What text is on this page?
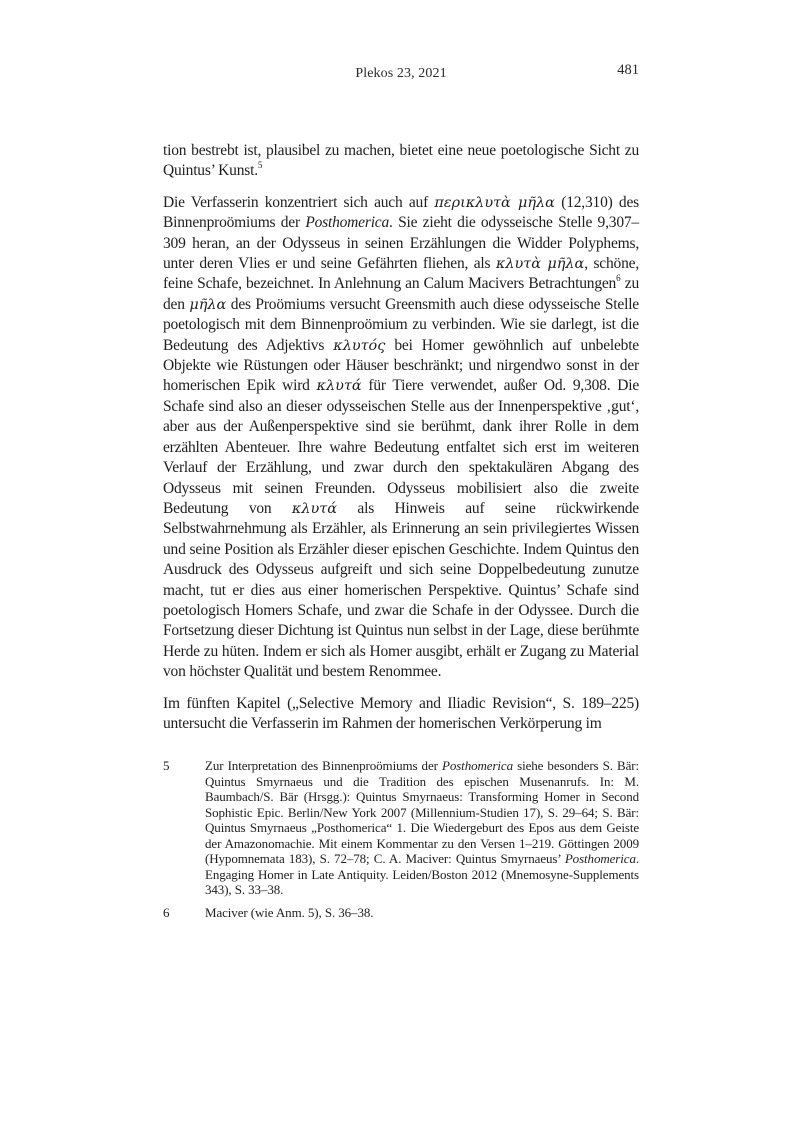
Plekos 23, 2021	481

tion bestrebt ist, plausibel zu machen, bietet eine neue poetologische Sicht zu Quintus’ Kunst.$^5$

Die Verfasserin konzentriert sich auch auf περικλυτὰ μῆλα (12,310) des Binnenproömiums der Posthomerica. Sie zieht die odysseische Stelle 9,307–309 heran, an der Odysseus in seinen Erzählungen die Widder Polyphems, unter deren Vlies er und seine Gefährten fliehen, als κλυτὰ μῆλα, schöne, feine Schafe, bezeichnet. In Anlehnung an Calum Macivers Betrachtungen$^6$ zu den μῆλα des Proömiums versucht Greensmith auch diese odysseische Stelle poetologisch mit dem Binnenproömium zu verbinden. Wie sie darlegt, ist die Bedeutung des Adjektivs κλυτός bei Homer gewöhnlich auf unbelebte Objekte wie Rüstungen oder Häuser beschränkt; und nirgendwo sonst in der homerischen Epik wird κλυτά für Tiere verwendet, außer Od. 9,308. Die Schafe sind also an dieser odysseischen Stelle aus der Innenperspektive ‚gut‘, aber aus der Außenperspektive sind sie berühmt, dank ihrer Rolle in dem erzählten Abenteuer. Ihre wahre Bedeutung entfaltet sich erst im weiteren Verlauf der Erzählung, und zwar durch den spektakulären Abgang des Odysseus mit seinen Freunden. Odysseus mobilisiert also die zweite Bedeutung von κλυτά als Hinweis auf seine rückwirkende Selbstwahrnehmung als Erzähler, als Erinnerung an sein privilegiertes Wissen und seine Position als Erzähler dieser epischen Geschichte. Indem Quintus den Ausdruck des Odysseus aufgreift und sich seine Doppelbedeutung zunutze macht, tut er dies aus einer homerischen Perspektive. Quintus’ Schafe sind poetologisch Homers Schafe, und zwar die Schafe in der Odyssee. Durch die Fortsetzung dieser Dichtung ist Quintus nun selbst in der Lage, diese berühmte Herde zu hüten. Indem er sich als Homer ausgibt, erhält er Zugang zu Material von höchster Qualität und bestem Renommee.

Im fünften Kapitel („Selective Memory and Iliadic Revision“, S. 189–225) untersucht die Verfasserin im Rahmen der homerischen Verkörperung im

5	Zur Interpretation des Binnenproömiums der Posthomerica siehe besonders S. Bär: Quintus Smyrnaeus und die Tradition des epischen Musenanrufs. In: M. Baumbach/S. Bär (Hrsgg.): Quintus Smyrnaeus: Transforming Homer in Second Sophistic Epic. Berlin/New York 2007 (Millennium-Studien 17), S. 29–64; S. Bär: Quintus Smyrnaeus „Posthomerica“ 1. Die Wiedergeburt des Epos aus dem Geiste der Amazonomachie. Mit einem Kommentar zu den Versen 1–219. Göttingen 2009 (Hypomnemata 183), S. 72–78; C. A. Maciver: Quintus Smyrnaeus’ Posthomerica. Engaging Homer in Late Antiquity. Leiden/Boston 2012 (Mnemosyne-Supplements 343), S. 33–38.
6	Maciver (wie Anm. 5), S. 36–38.
